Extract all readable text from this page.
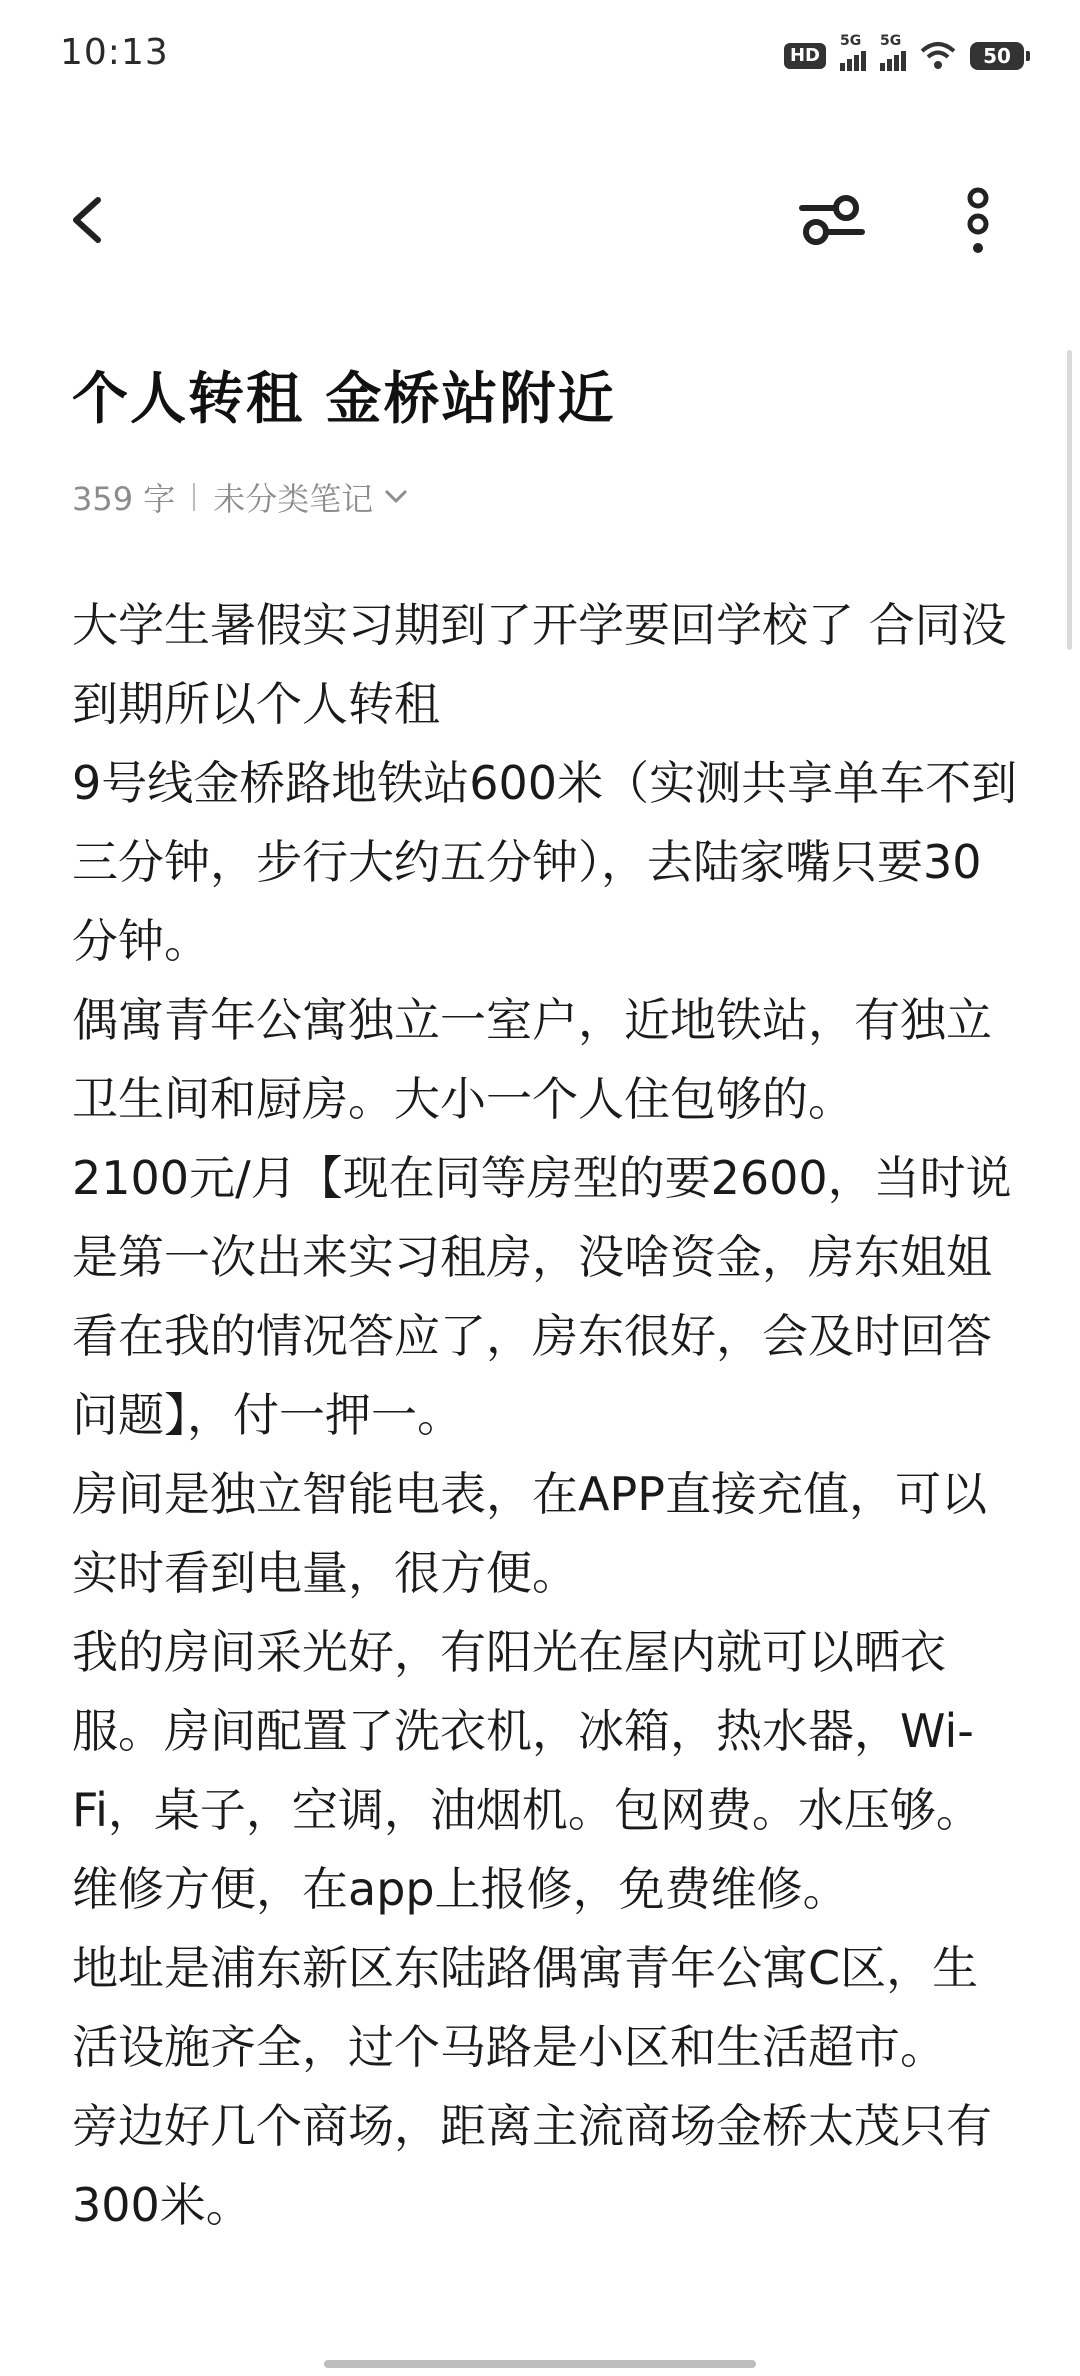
10:13	HD
5G 5G
50
个人转租 金桥站附近
359 字 未分类笔记

大学生暑假实习期到了开学要回学校了 合同没到期所以个人转租

9号线金桥路地铁站600米（实测共享单车不到三分钟，步行大约五分钟），去陆家嘴只要30分钟。

偶寓青年公寓独立一室户，近地铁站，有独立卫生间和厨房。大小一个人住包够的。

2100元/月【现在同等房型的要2600，当时说是第一次出来实习租房，没啥资金，房东姐姐看在我的情况答应了，房东很好，会及时回答问题】，付一押一。

房间是独立智能电表，在APP直接充值，可以实时看到电量，很方便。

我的房间采光好，有阳光在屋内就可以晒衣服。房间配置了洗衣机，冰箱，热水器，Wi-Fi，桌子，空调，油烟机。包网费。水压够。

维修方便，在app上报修，免费维修。

地址是浦东新区东陆路偶寓青年公寓C区，生活设施齐全，过个马路是小区和生活超市。

旁边好几个商场，距离主流商场金桥太茂只有300米。
